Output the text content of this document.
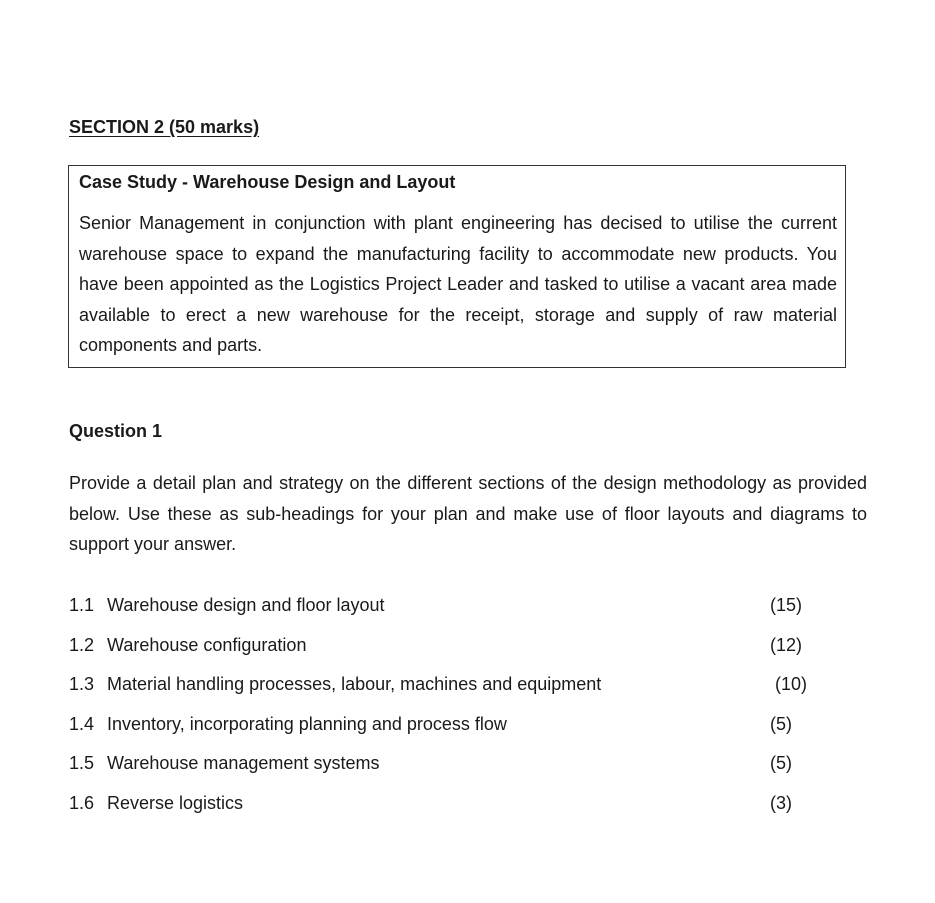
SECTION 2 (50 marks)

Case Study - Warehouse Design and Layout

Senior Management in conjunction with plant engineering has decised to utilise the current warehouse space to expand the manufacturing facility to accommodate new products. You have been appointed as the Logistics Project Leader and tasked to utilise a vacant area made available to erect a new warehouse for the receipt, storage and supply of raw material components and parts.

Question 1

Provide a detail plan and strategy on the different sections of the design methodology as provided below. Use these as sub-headings for your plan and make use of floor layouts and diagrams to support your answer.

1.1 Warehouse design and floor layout	(15)
1.2 Warehouse configuration	(12)
1.3 Material handling processes, labour, machines and equipment	(10)
1.4 Inventory, incorporating planning and process flow	(5)
1.5 Warehouse management systems	(5)
1.6 Reverse logistics	(3)
